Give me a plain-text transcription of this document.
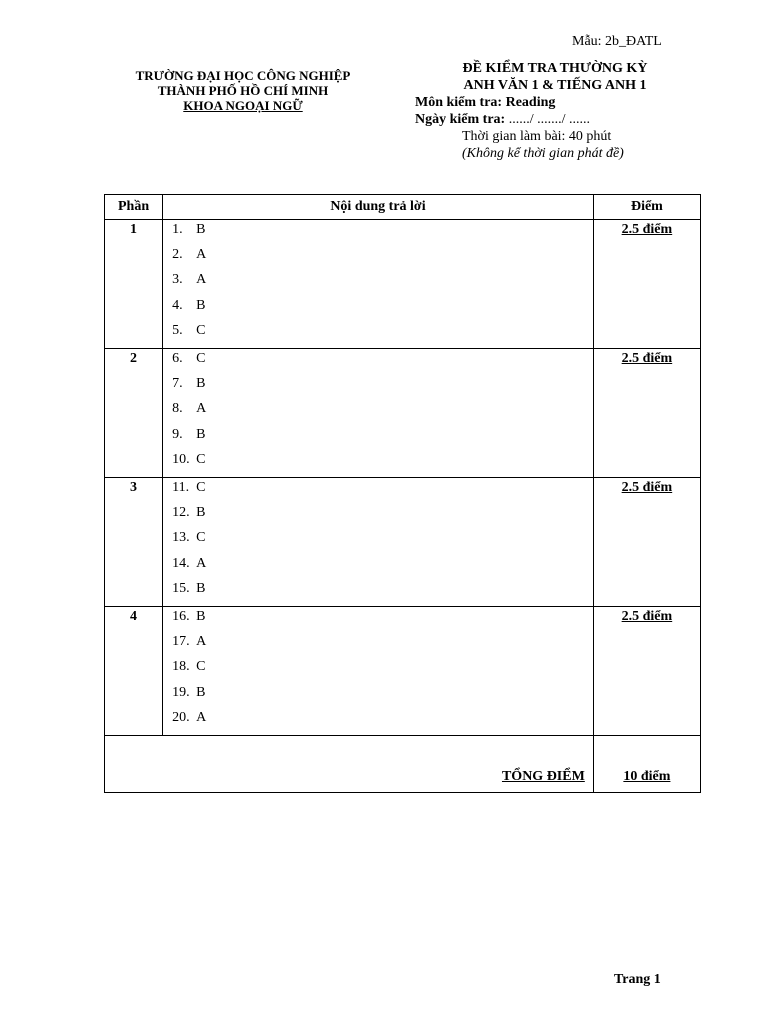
Mẫu: 2b_ĐATL
TRƯỜNG ĐẠI HỌC CÔNG NGHIỆP
THÀNH PHỐ HỒ CHÍ MINH
KHOA NGOẠI NGỮ
ĐỀ KIỂM TRA THƯỜNG KỲ
ANH VĂN 1 & TIẾNG ANH 1
Môn kiểm tra: Reading
Ngày kiểm tra: ....../ ......./ ......
Thời gian làm bài: 40 phút
(Không kể thời gian phát đề)
Phần	Nội dung trả lời	Điểm
1	1. B
2. A
3. A
4. B
5. C	2.5 điểm
2	6. C
7. B
8. A
9. B
10. C	2.5 điểm
3	11. C
12. B
13. C
14. A
15. B	2.5 điểm
4	16. B
17. A
18. C
19. B
20. A	2.5 điểm
TỔNG ĐIỂM		10 điểm
Trang 1
